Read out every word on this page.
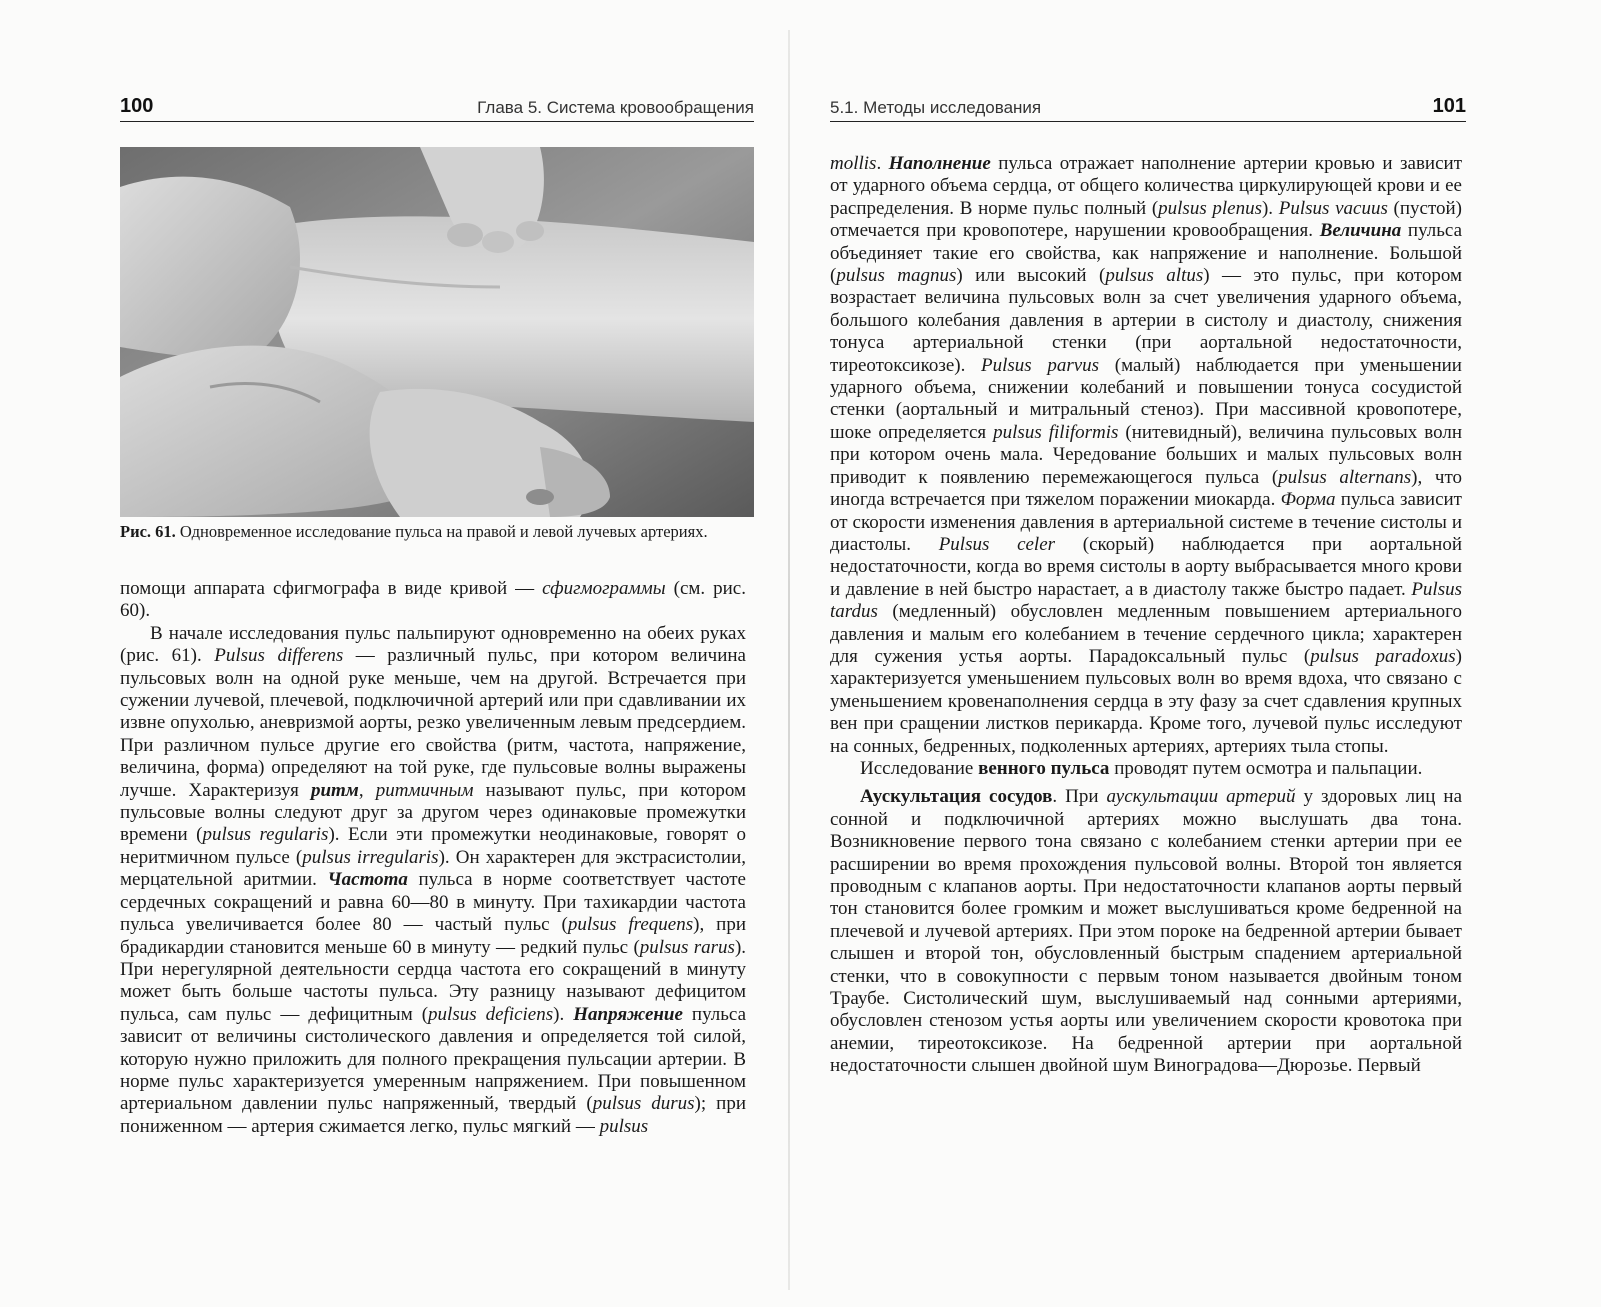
100	Глава 5. Система кровообращения
Рис. 61. Одновременное исследование пульса на правой и левой лучевых артериях.

помощи аппарата сфигмографа в виде кривой — сфигмограммы (см. рис. 60).

В начале исследования пульс пальпируют одновременно на обеих руках (рис. 61). Pulsus differens — различный пульс, при котором величина пульсовых волн на одной руке меньше, чем на другой. Встречается при сужении лучевой, плечевой, подключичной артерий или при сдавливании их извне опухолью, аневризмой аорты, резко увеличенным левым предсердием. При различном пульсе другие его свойства (ритм, частота, напряжение, величина, форма) определяют на той руке, где пульсовые волны выражены лучше. Характеризуя ритм, ритмичным называют пульс, при котором пульсовые волны следуют друг за другом через одинаковые промежутки времени (pulsus regularis). Если эти промежутки неодинаковые, говорят о неритмичном пульсе (pulsus irregularis). Он характерен для экстрасистолии, мерцательной аритмии. Частота пульса в норме соответствует частоте сердечных сокращений и равна 60—80 в минуту. При тахикардии частота пульса увеличивается более 80 — частый пульс (pulsus frequens), при брадикардии становится меньше 60 в минуту — редкий пульс (pulsus rarus). При нерегулярной деятельности сердца частота его сокращений в минуту может быть больше частоты пульса. Эту разницу называют дефицитом пульса, сам пульс — дефицитным (pulsus deficiens). Напряжение пульса зависит от величины систолического давления и определяется той силой, которую нужно приложить для полного прекращения пульсации артерии. В норме пульс характеризуется умеренным напряжением. При повышенном артериальном давлении пульс напряженный, твердый (pulsus durus); при пониженном — артерия сжимается легко, пульс мягкий — pulsus

5.1. Методы исследования	101

mollis. Наполнение пульса отражает наполнение артерии кровью и зависит от ударного объема сердца, от общего количества циркулирующей крови и ее распределения. В норме пульс полный (pulsus plenus). Pulsus vacuus (пустой) отмечается при кровопотере, нарушении кровообращения. Величина пульса объединяет такие его свойства, как напряжение и наполнение. Большой (pulsus magnus) или высокий (pulsus altus) — это пульс, при котором возрастает величина пульсовых волн за счет увеличения ударного объема, большого колебания давления в артерии в систолу и диастолу, снижения тонуса артериальной стенки (при аортальной недостаточности, тиреотоксикозе). Pulsus parvus (малый) наблюдается при уменьшении ударного объема, снижении колебаний и повышении тонуса сосудистой стенки (аортальный и митральный стеноз). При массивной кровопотере, шоке определяется pulsus filiformis (нитевидный), величина пульсовых волн при котором очень мала. Чередование больших и малых пульсовых волн приводит к появлению перемежающегося пульса (pulsus alternans), что иногда встречается при тяжелом поражении миокарда. Форма пульса зависит от скорости изменения давления в артериальной системе в течение систолы и диастолы. Pulsus celer (скорый) наблюдается при аортальной недостаточности, когда во время систолы в аорту выбрасывается много крови и давление в ней быстро нарастает, а в диастолу также быстро падает. Pulsus tardus (медленный) обусловлен медленным повышением артериального давления и малым его колебанием в течение сердечного цикла; характерен для сужения устья аорты. Парадоксальный пульс (pulsus paradoxus) характеризуется уменьшением пульсовых волн во время вдоха, что связано с уменьшением кровенаполнения сердца в эту фазу за счет сдавления крупных вен при сращении листков перикарда. Кроме того, лучевой пульс исследуют на сонных, бедренных, подколенных артериях, артериях тыла стопы.

Исследование венного пульса проводят путем осмотра и пальпации.

Аускультация сосудов. При аускультации артерий у здоровых лиц на сонной и подключичной артериях можно выслушать два тона. Возникновение первого тона связано с колебанием стенки артерии при ее расширении во время прохождения пульсовой волны. Второй тон является проводным с клапанов аорты. При недостаточности клапанов аорты первый тон становится более громким и может выслушиваться кроме бедренной на плечевой и лучевой артериях. При этом пороке на бедренной артерии бывает слышен и второй тон, обусловленный быстрым спадением артериальной стенки, что в совокупности с первым тоном называется двойным тоном Траубе. Систолический шум, выслушиваемый над сонными артериями, обусловлен стенозом устья аорты или увеличением скорости кровотока при анемии, тиреотоксикозе. На бедренной артерии при аортальной недостаточности слышен двойной шум Виноградова—Дюрозье. Первый
